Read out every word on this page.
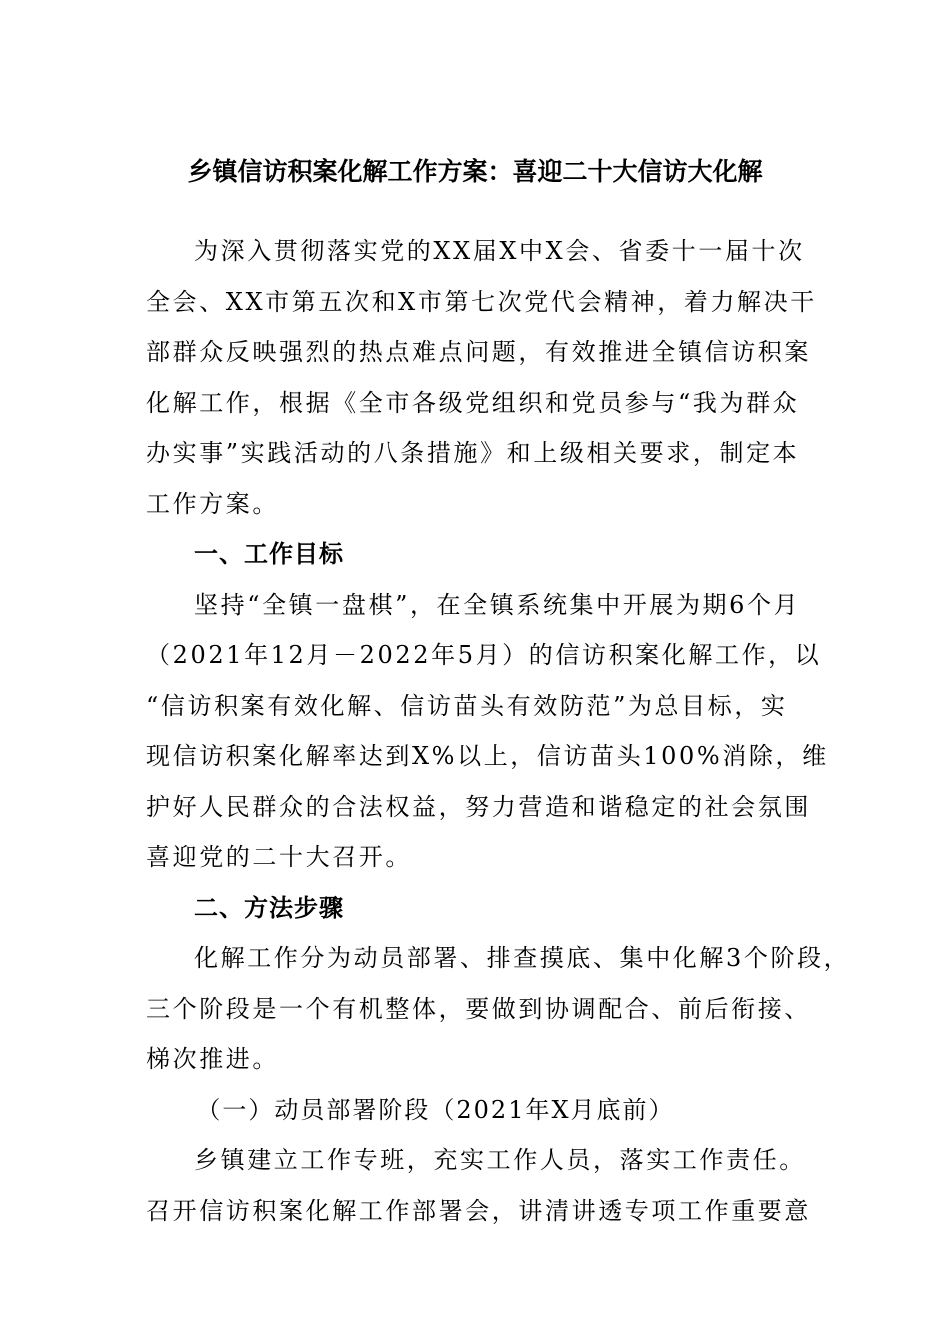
乡镇信访积案化解工作方案：喜迎二十大信访大化解

为深入贯彻落实党的XX届X中X会、省委十一届十次
全会、XX市第五次和X市第七次党代会精神，着力解决干
部群众反映强烈的热点难点问题，有效推进全镇信访积案
化解工作，根据《全市各级党组织和党员参与“我为群众
办实事”实践活动的八条措施》和上级相关要求，制定本
工作方案。

一、工作目标

坚持“全镇一盘棋”，在全镇系统集中开展为期6个月
（2021年12月－2022年5月）的信访积案化解工作，以
“信访积案有效化解、信访苗头有效防范”为总目标，实
现信访积案化解率达到X%以上，信访苗头100%消除，维
护好人民群众的合法权益，努力营造和谐稳定的社会氛围
喜迎党的二十大召开。

二、方法步骤

化解工作分为动员部署、排查摸底、集中化解3个阶段，
三个阶段是一个有机整体，要做到协调配合、前后衔接、
梯次推进。

（一）动员部署阶段（2021年X月底前）

乡镇建立工作专班，充实工作人员，落实工作责任。
召开信访积案化解工作部署会，讲清讲透专项工作重要意
